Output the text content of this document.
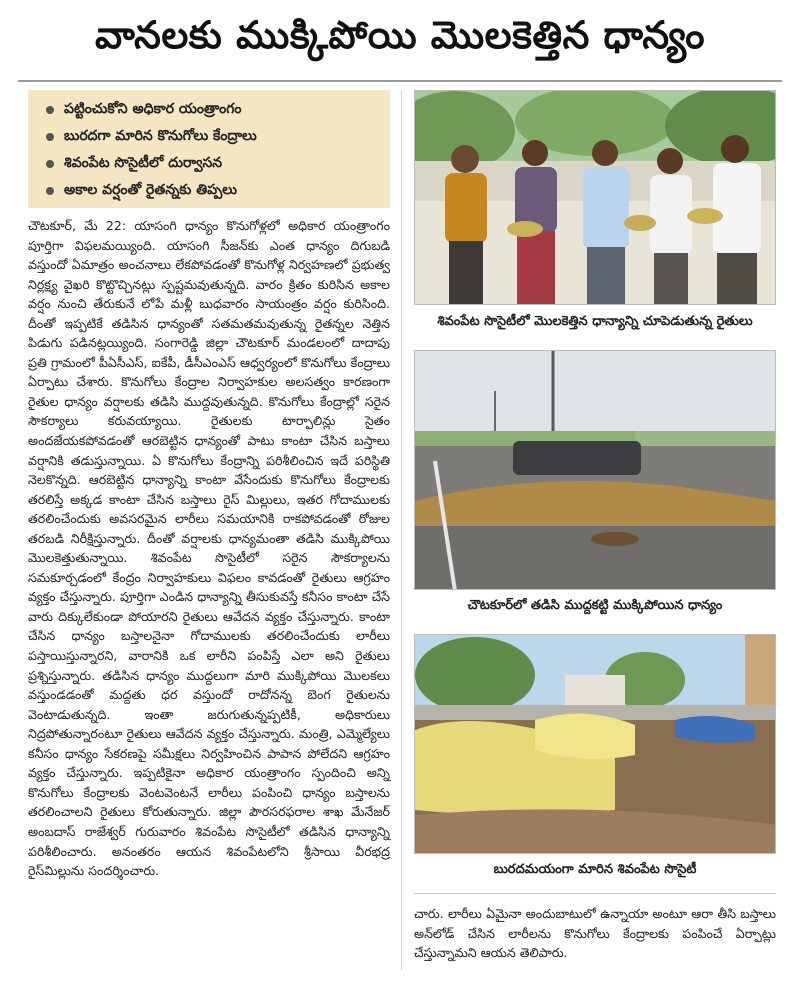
వానలకు ముక్కిపోయి మొలకెత్తిన ధాన్యం
పట్టించుకోని అధికార యంత్రాంగం
బురదగా మారిన కొనుగోలు కేంద్రాలు
శివంపేట సొసైటీలో దుర్వాసన
అకాల వర్షంతో రైతన్నకు తిప్పలు

చౌటకూర్, మే 22: యాసంగి ధాన్యం కొనుగోళ్లలో అధికార యంత్రాంగం పూర్తిగా విఫలమయ్యింది. యాసంగి సీజన్‌కు ఎంత ధాన్యం దిగుబడి వస్తుందో ఏమాత్రం అంచనాలు లేకపోవడంతో కొనుగోళ్ల నిర్వహణలో ప్రభుత్వ నిర్లక్ష్య వైఖరి కొట్టొచ్చినట్లు స్పష్టమవుతున్నది. వారం క్రితం కురిసిన అకాల వర్షం నుంచి తేరుకునే లోపే మళ్లీ బుధవారం సాయంత్రం వర్షం కురిసింది. దీంతో ఇప్పటికే తడిసిన ధాన్యంతో సతమతమవుతున్న రైతన్నల నెత్తిన పిడుగు పడినట్లయ్యింది. సంగారెడ్డి జిల్లా చౌటకూర్ మండలంలో దాదాపు ప్రతి గ్రామంలో పీఏసీఎస్, ఐకేపీ, డీసీఎంఎస్ ఆధ్వర్యంలో కొనుగోలు కేంద్రాలు ఏర్పాటు చేశారు. కొనుగోలు కేంద్రాల నిర్వాహకుల అలసత్వం కారణంగా రైతుల ధాన్యం వర్షాలకు తడిసి ముద్దవుతున్నది. కొనుగోలు కేంద్రాల్లో సరైన సౌకర్యాలు కరువయ్యాయి. రైతులకు టార్పాలిన్లు సైతం అందజేయకపోవడంతో ఆరబెట్టిన ధాన్యంతో పాటు కాంటా చేసిన బస్తాలు వర్షానికి తడుస్తున్నాయి. ఏ కొనుగోలు కేంద్రాన్ని పరిశీలించిన ఇదే పరిస్థితి నెలకొన్నది. ఆరబెట్టిన ధాన్యాన్ని కాంటా వేసేందుకు కొనుగోలు కేంద్రాలకు తరలిస్తే అక్కడ కాంటా చేసిన బస్తాలు రైస్ మిల్లులు, ఇతర గోదాములకు తరలించేందుకు అవసరమైన లారీలు సమయానికి రాకపోవడంతో రోజుల తరబడి నిరీక్షిస్తున్నారు. దీంతో వర్షాలకు ధాన్యమంతా తడిసి ముక్కిపోయి మొలకెత్తుతున్నాయి. శివంపేట సొసైటీలో సరైన సౌకర్యాలను సమకూర్చడంలో కేంద్రం నిర్వాహకులు విఫలం కావడంతో రైతులు ఆగ్రహం వ్యక్తం చేస్తున్నారు. పూర్తిగా ఎండిన ధాన్యాన్ని తీసుకువస్తే కనీసం కాంటా చేసే వారు దిక్కులేకుండా పోయారని రైతులు ఆవేదన వ్యక్తం చేస్తున్నారు. కాంటా చేసిన ధాన్యం బస్తాలనైనా గోదాములకు తరలించేందుకు లారీలు పస్తాయిస్తున్నారని, వారానికి ఒక లారీని పంపిస్తే ఎలా అని రైతులు ప్రశ్నిస్తున్నారు. తడిసిన ధాన్యం ముద్దలుగా మారి ముక్కిపోయి మొలకలు వస్తుండడంతో మద్దతు ధర వస్తుందో రాదోనన్న బెంగ రైతులను వెంటాడుతున్నది. ఇంతా జరుగుతున్నప్పటికీ, అధికారులు నిద్రపోతున్నారంటూ రైతులు ఆవేదన వ్యక్తం చేస్తున్నారు. మంత్రి, ఎమ్మెల్యేలు కనీసం ధాన్యం సేకరణపై సమీక్షలు నిర్వహించిన పాపాన పోలేదని ఆగ్రహం వ్యక్తం చేస్తున్నారు. ఇప్పటికైనా అధికార యంత్రాంగం స్పందించి అన్ని కొనుగోలు కేంద్రాలకు వెంటవెంటనే లారీలు పంపించి ధాన్యం బస్తాలను తరలించాలని రైతులు కోరుతున్నారు. జిల్లా పౌరసరఫరాల శాఖ మేనేజర్ అంబదాస్ రాజేశ్వర్ గురువారం శివంపేట సొసైటీలో తడిసిన ధాన్యాన్ని పరిశీలించారు. అనంతరం ఆయన శివంపేటలోని శ్రీసాయి వీరభద్ర రైస్‌మిల్లును సందర్శించారు.

శివంపేట సొసైటీలో మొలకెత్తిన ధాన్యాన్ని చూపెడుతున్న రైతులు
చౌటకూర్‌లో తడిసి ముద్దకట్టి ముక్కిపోయిన ధాన్యం
బురదమయంగా మారిన శివంపేట సొసైటీ
చారు. లారీలు ఏమైనా అందుబాటులో ఉన్నాయా అంటూ ఆరా తీసి బస్తాలు అన్‌లోడ్ చేసిన లారీలను కొనుగోలు కేంద్రాలకు పంపించే ఏర్పాట్లు చేస్తున్నామని ఆయన తెలిపారు.
